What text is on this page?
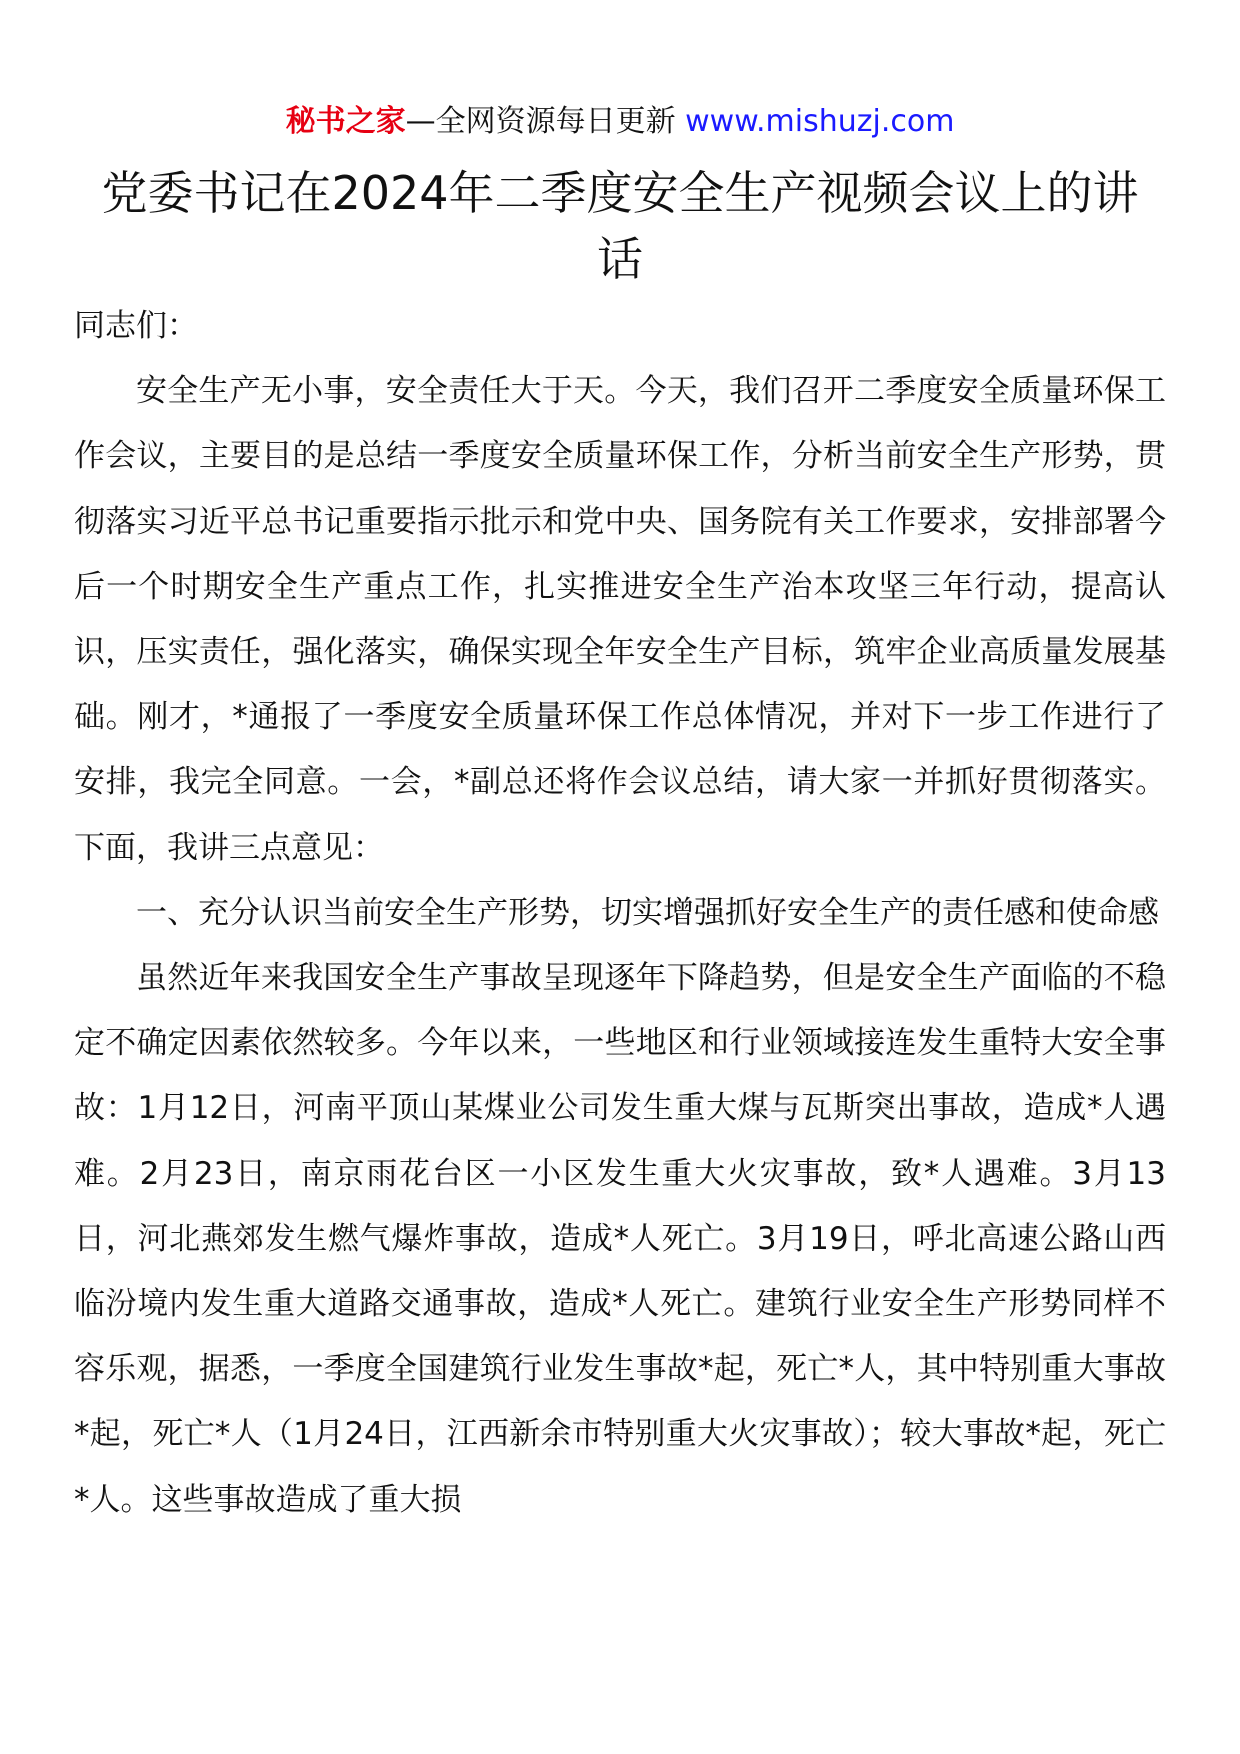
秘书之家—全网资源每日更新 www.mishuzj.com
党委书记在2024年二季度安全生产视频会议上的讲话

同志们：

安全生产无小事，安全责任大于天。今天，我们召开二季度安全质量环保工作会议，主要目的是总结一季度安全质量环保工作，分析当前安全生产形势，贯彻落实习近平总书记重要指示批示和党中央、国务院有关工作要求，安排部署今后一个时期安全生产重点工作，扎实推进安全生产治本攻坚三年行动，提高认识，压实责任，强化落实，确保实现全年安全生产目标，筑牢企业高质量发展基础。刚才，*通报了一季度安全质量环保工作总体情况，并对下一步工作进行了安排，我完全同意。一会，*副总还将作会议总结，请大家一并抓好贯彻落实。下面，我讲三点意见：

一、充分认识当前安全生产形势，切实增强抓好安全生产的责任感和使命感

虽然近年来我国安全生产事故呈现逐年下降趋势，但是安全生产面临的不稳定不确定因素依然较多。今年以来，一些地区和行业领域接连发生重特大安全事故：1月12日，河南平顶山某煤业公司发生重大煤与瓦斯突出事故，造成*人遇难。2月23日，南京雨花台区一小区发生重大火灾事故，致*人遇难。3月13日，河北燕郊发生燃气爆炸事故，造成*人死亡。3月19日，呼北高速公路山西临汾境内发生重大道路交通事故，造成*人死亡。建筑行业安全生产形势同样不容乐观，据悉，一季度全国建筑行业发生事故*起，死亡*人，其中特别重大事故*起，死亡*人（1月24日，江西新余市特别重大火灾事故）；较大事故*起，死亡*人。这些事故造成了重大损
